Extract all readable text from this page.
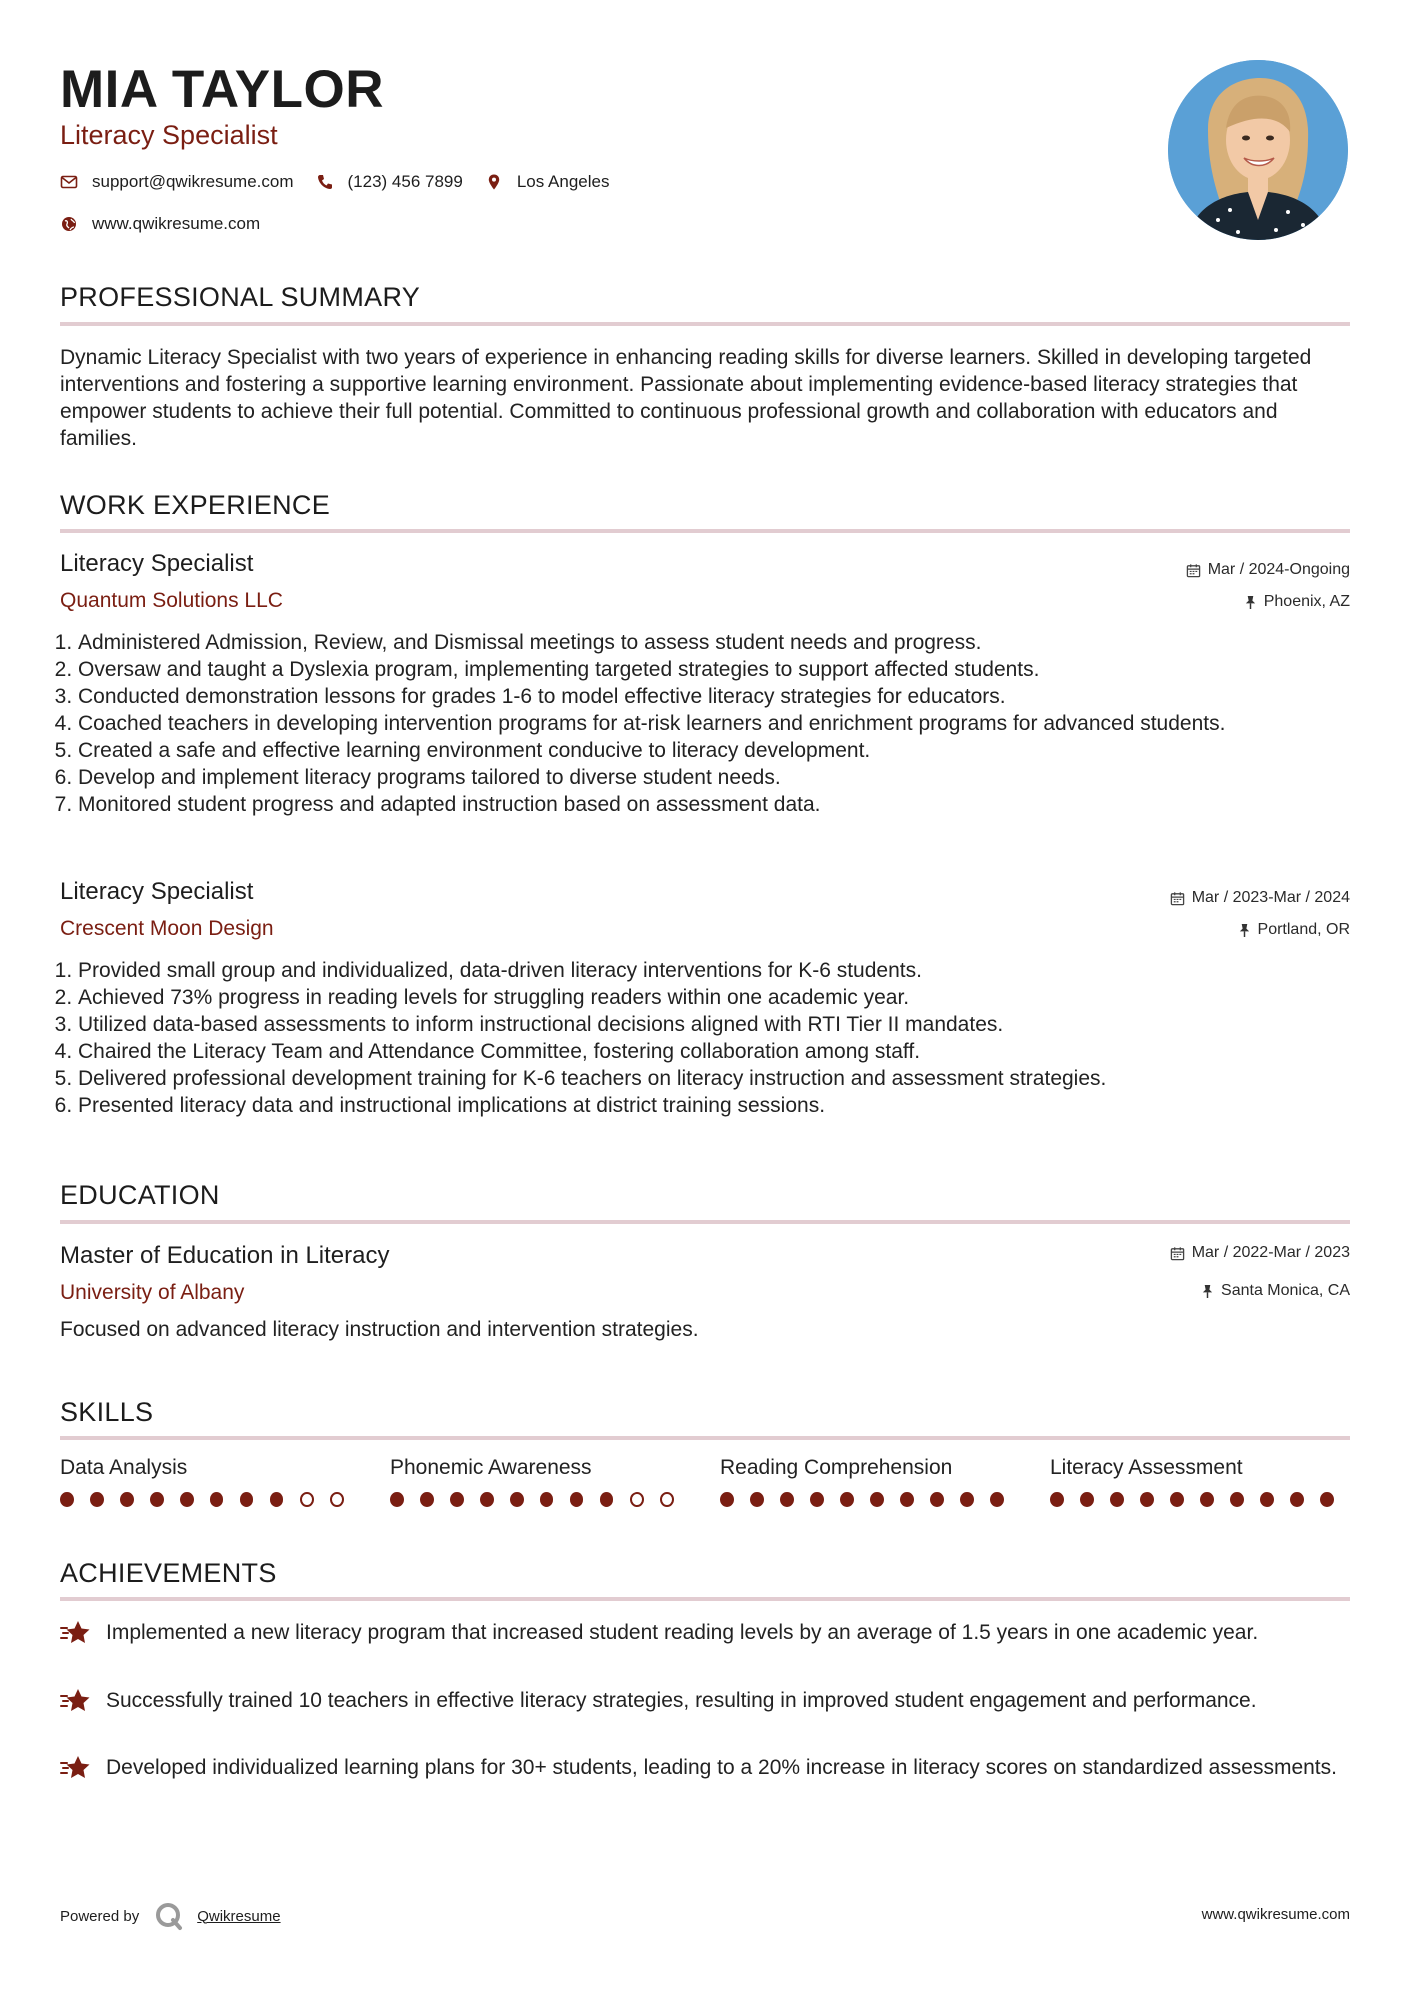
MIA TAYLOR
Literacy Specialist
support@qwikresume.com	(123) 456 7899	Los Angeles
www.qwikresume.com
PROFESSIONAL SUMMARY
Dynamic Literacy Specialist with two years of experience in enhancing reading skills for diverse learners. Skilled in developing targeted interventions and fostering a supportive learning environment. Passionate about implementing evidence-based literacy strategies that empower students to achieve their full potential. Committed to continuous professional growth and collaboration with educators and families.
WORK EXPERIENCE
Literacy Specialist
Quantum Solutions LLC
Mar / 2024-Ongoing
Phoenix, AZ
1. Administered Admission, Review, and Dismissal meetings to assess student needs and progress.
2. Oversaw and taught a Dyslexia program, implementing targeted strategies to support affected students.
3. Conducted demonstration lessons for grades 1-6 to model effective literacy strategies for educators.
4. Coached teachers in developing intervention programs for at-risk learners and enrichment programs for advanced students.
5. Created a safe and effective learning environment conducive to literacy development.
6. Develop and implement literacy programs tailored to diverse student needs.
7. Monitored student progress and adapted instruction based on assessment data.
Literacy Specialist
Crescent Moon Design
Mar / 2023-Mar / 2024
Portland, OR
1. Provided small group and individualized, data-driven literacy interventions for K-6 students.
2. Achieved 73% progress in reading levels for struggling readers within one academic year.
3. Utilized data-based assessments to inform instructional decisions aligned with RTI Tier II mandates.
4. Chaired the Literacy Team and Attendance Committee, fostering collaboration among staff.
5. Delivered professional development training for K-6 teachers on literacy instruction and assessment strategies.
6. Presented literacy data and instructional implications at district training sessions.
EDUCATION
Master of Education in Literacy
University of Albany
Mar / 2022-Mar / 2023
Santa Monica, CA
Focused on advanced literacy instruction and intervention strategies.
SKILLS
Data Analysis	Phonemic Awareness	Reading Comprehension	Literacy Assessment
ACHIEVEMENTS
Implemented a new literacy program that increased student reading levels by an average of 1.5 years in one academic year.
Successfully trained 10 teachers in effective literacy strategies, resulting in improved student engagement and performance.
Developed individualized learning plans for 30+ students, leading to a 20% increase in literacy scores on standardized assessments.
Powered by	Qwikresume	www.qwikresume.com
